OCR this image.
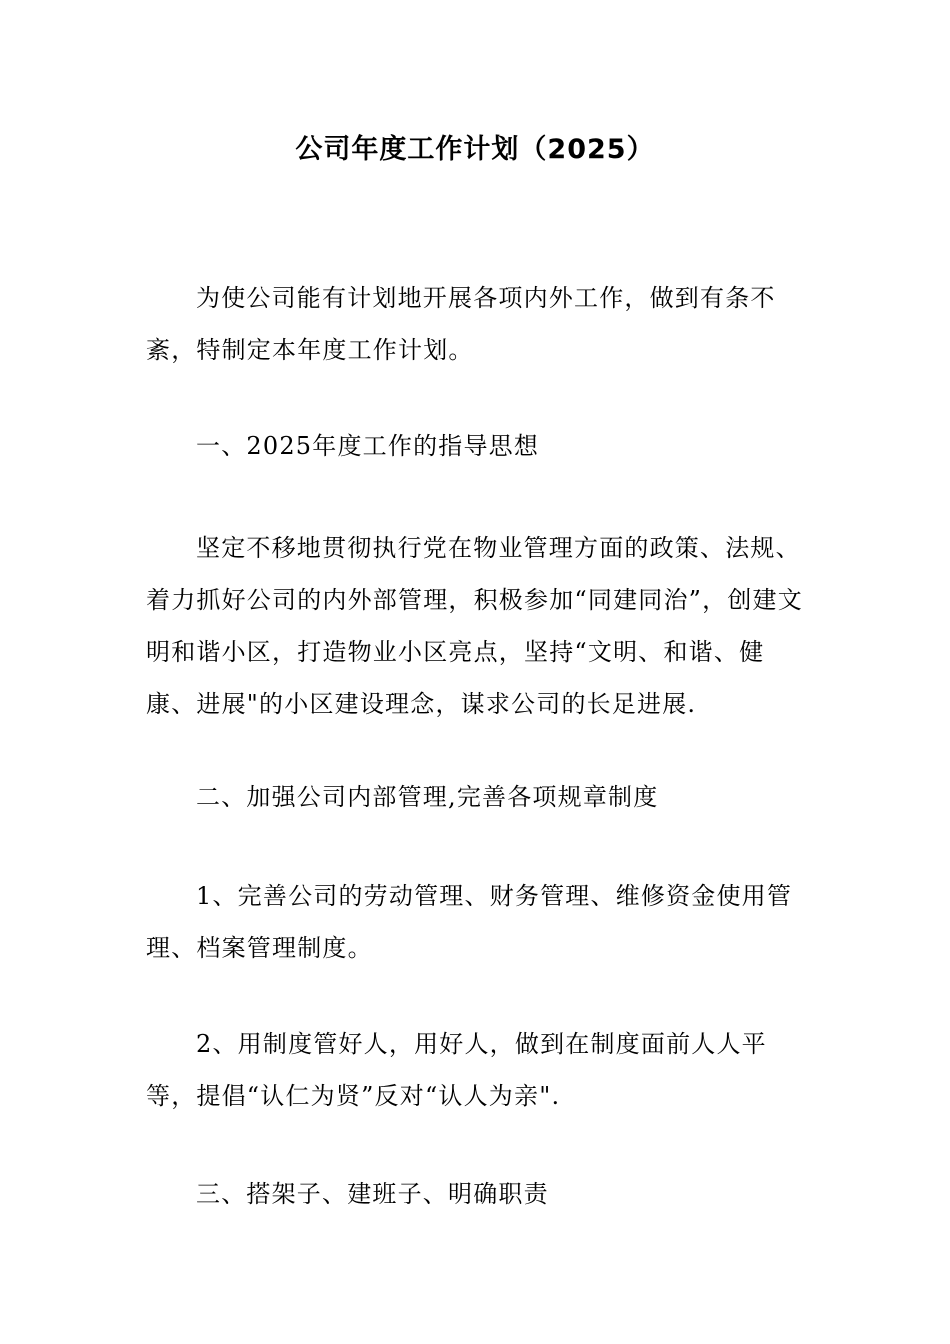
公司年度工作计划（2025）

为使公司能有计划地开展各项内外工作，做到有条不紊，特制定本年度工作计划。

一、2025年度工作的指导思想

坚定不移地贯彻执行党在物业管理方面的政策、法规、着力抓好公司的内外部管理，积极参加“同建同治”，创建文明和谐小区，打造物业小区亮点，坚持“文明、和谐、健康、进展"的小区建设理念，谋求公司的长足进展.

二、加强公司内部管理,完善各项规章制度

1、完善公司的劳动管理、财务管理、维修资金使用管理、档案管理制度。

2、用制度管好人，用好人，做到在制度面前人人平等，提倡“认仁为贤”反对“认人为亲".

三、搭架子、建班子、明确职责
